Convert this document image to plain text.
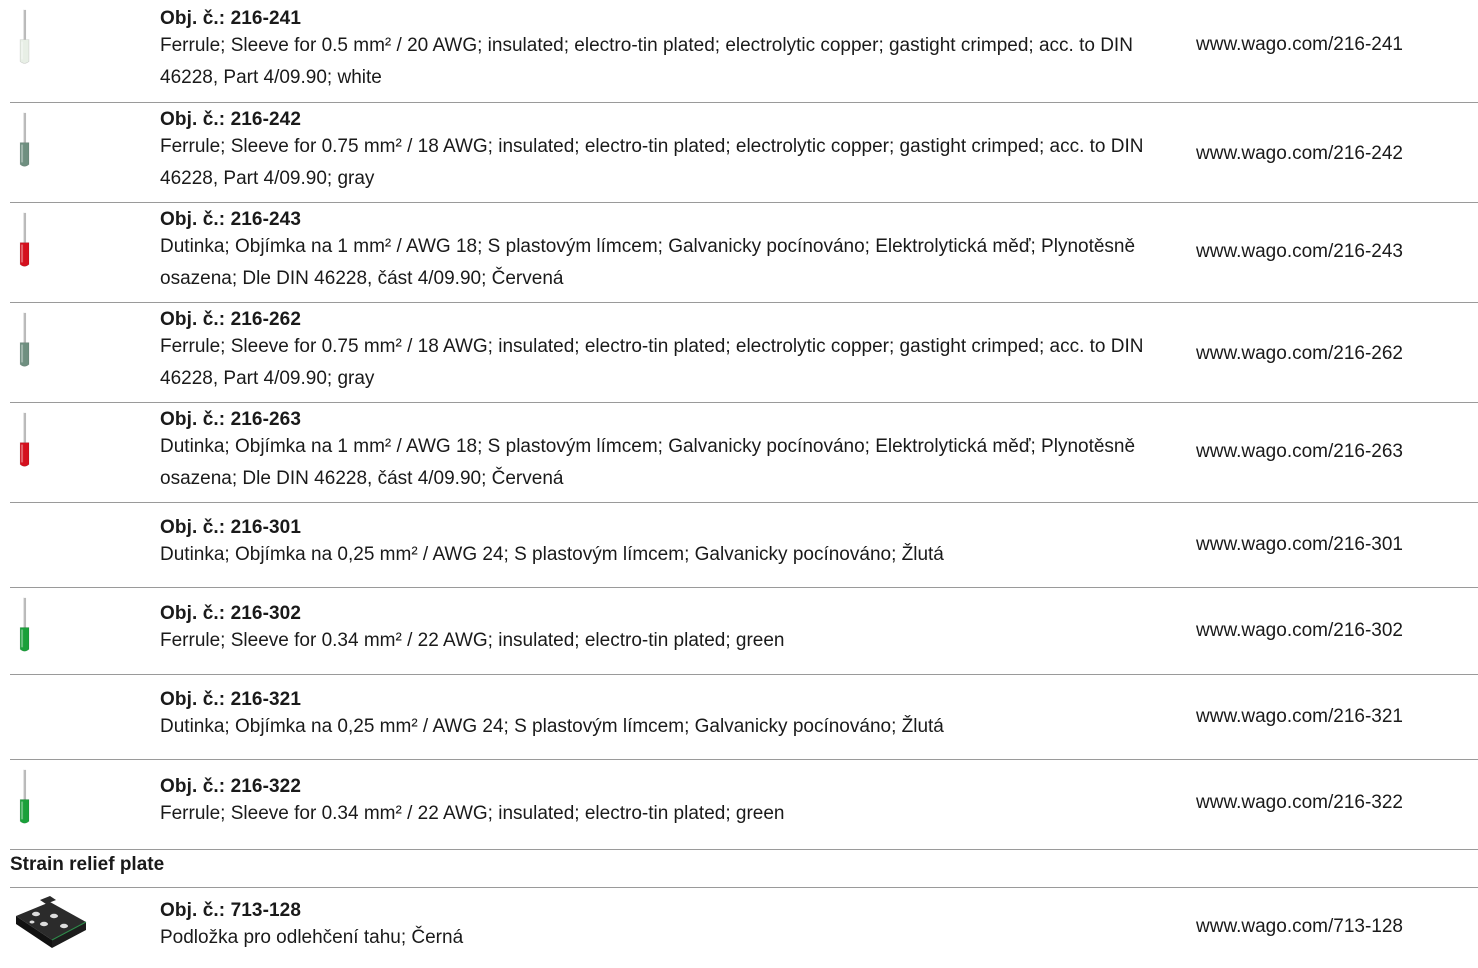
Obj. č.: 216-241
Ferrule; Sleeve for 0.5 mm² / 20 AWG; insulated; electro-tin plated; electrolytic copper; gastight crimped; acc. to DIN 46228, Part 4/09.90; white
www.wago.com/216-241
Obj. č.: 216-242
Ferrule; Sleeve for 0.75 mm² / 18 AWG; insulated; electro-tin plated; electrolytic copper; gastight crimped; acc. to DIN 46228, Part 4/09.90; gray
www.wago.com/216-242
Obj. č.: 216-243
Dutinka; Objímka na 1 mm² / AWG 18; S plastovým límcem; Galvanicky pocínováno; Elektrolytická měď; Plynotěsně osazena; Dle DIN 46228, část 4/09.90; Červená
www.wago.com/216-243
Obj. č.: 216-262
Ferrule; Sleeve for 0.75 mm² / 18 AWG; insulated; electro-tin plated; electrolytic copper; gastight crimped; acc. to DIN 46228, Part 4/09.90; gray
www.wago.com/216-262
Obj. č.: 216-263
Dutinka; Objímka na 1 mm² / AWG 18; S plastovým límcem; Galvanicky pocínováno; Elektrolytická měď; Plynotěsně osazena; Dle DIN 46228, část 4/09.90; Červená
www.wago.com/216-263
Obj. č.: 216-301
Dutinka; Objímka na 0,25 mm² / AWG 24; S plastovým límcem; Galvanicky pocínováno; Žlutá	www.wago.com/216-301
Obj. č.: 216-302
Ferrule; Sleeve for 0.34 mm² / 22 AWG; insulated; electro-tin plated; green	www.wago.com/216-302
Obj. č.: 216-321
Dutinka; Objímka na 0,25 mm² / AWG 24; S plastovým límcem; Galvanicky pocínováno; Žlutá	www.wago.com/216-321
Obj. č.: 216-322
Ferrule; Sleeve for 0.34 mm² / 22 AWG; insulated; electro-tin plated; green
www.wago.com/216-322
Strain relief plate
Obj. č.: 713-128
Podložka pro odlehčení tahu; Černá
www.wago.com/713-128
